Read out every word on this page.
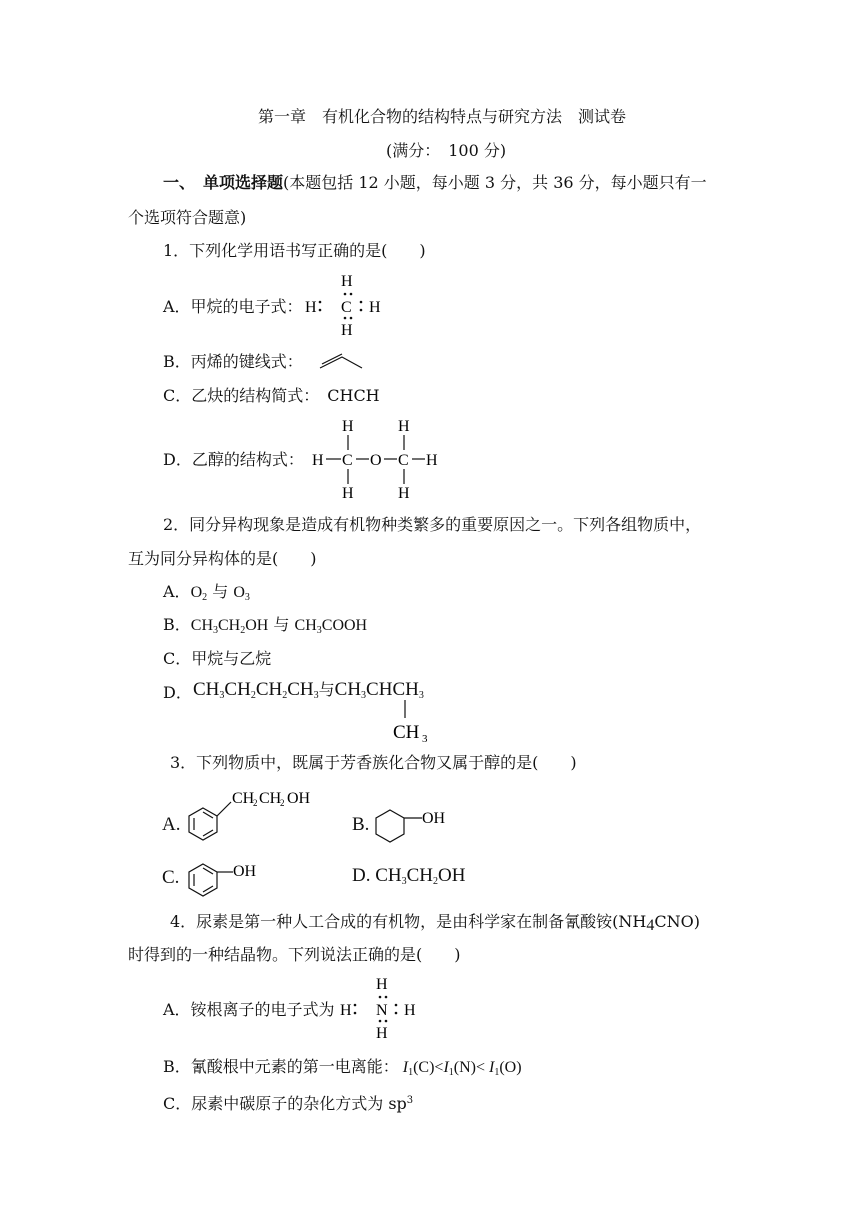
第一章　有机化合物的结构特点与研究方法　测试卷
(满分：　100 分)
一、　单项选择题(本题包括 12 小题，每小题 3 分，共 36 分，每小题只有一
个选项符合题意)
1．下列化学用语书写正确的是(　　)
A．甲烷的电子式：
H
H C H
H
B．丙烯的键线式：
C．乙炔的结构简式：　CHCH
D．乙醇的结构式：
H	H
H C O C H
H	H
2．同分异构现象是造成有机物种类繁多的重要原因之一。下列各组物质中，
互为同分异构体的是(　　)
A．$O_2$ 与 $O_3$
B．$CH_3CH_2OH$ 与 $CH_3COOH$
C．甲烷与乙烷
D． $CH_3CH_2CH_2CH_3$与$CH_3CHCH_3$
CH 3
3．下列物质中，既属于芳香族化合物又属于醇的是(　　)
A.
CH
2 CH
2 OH
B.	OH
C.	OH	D. $CH_3CH_2OH$
4．尿素是第一种人工合成的有机物，是由科学家在制备氰酸铵$(NH_4CNO)$
时得到的一种结晶物。下列说法正确的是(　　)
A．铵根离子的电子式为
H
H N H
H
B．氰酸根中元素的第一电离能： $I_1(C)<I_1(N)< I_1(O)$
C．尿素中碳原子的杂化方式为 $sp^3$
